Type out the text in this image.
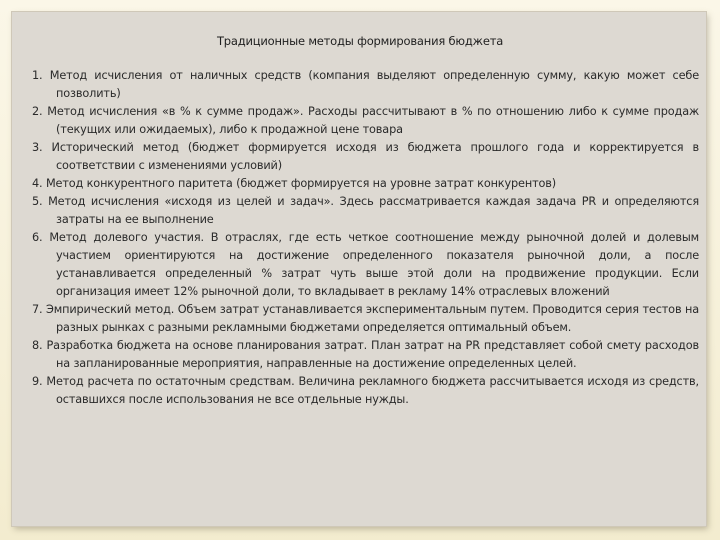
Традиционные методы формирования бюджета
1. Метод исчисления от наличных средств (компания выделяют определенную сумму, какую может себе позволить)
2. Метод исчисления «в % к сумме продаж». Расходы рассчитывают в % по отношению либо к сумме продаж (текущих или ожидаемых), либо к продажной цене товара
3. Исторический метод (бюджет формируется исходя из бюджета прошлого года и корректируется в соответствии с изменениями условий)
4. Метод конкурентного паритета (бюджет формируется на уровне затрат конкурентов)
5. Метод исчисления «исходя из целей и задач». Здесь рассматривается каждая задача PR и определяются затраты на ее выполнение
6. Метод долевого участия. В отраслях, где есть четкое соотношение между рыночной долей и долевым участием ориентируются на достижение определенного показателя рыночной доли, а после устанавливается определенный % затрат чуть выше этой доли на продвижение продукции. Если организация имеет 12% рыночной доли, то вкладывает в рекламу 14% отраслевых вложений
7. Эмпирический метод. Объем затрат устанавливается экспериментальным путем. Проводится серия тестов на разных рынках с разными рекламными бюджетами определяется оптимальный объем.
8. Разработка бюджета на основе планирования затрат. План затрат на PR представляет собой смету расходов на запланированные мероприятия, направленные на достижение определенных целей.
9. Метод расчета по остаточным средствам. Величина рекламного бюджета рассчитывается исходя из средств, оставшихся после использования не все отдельные нужды.
